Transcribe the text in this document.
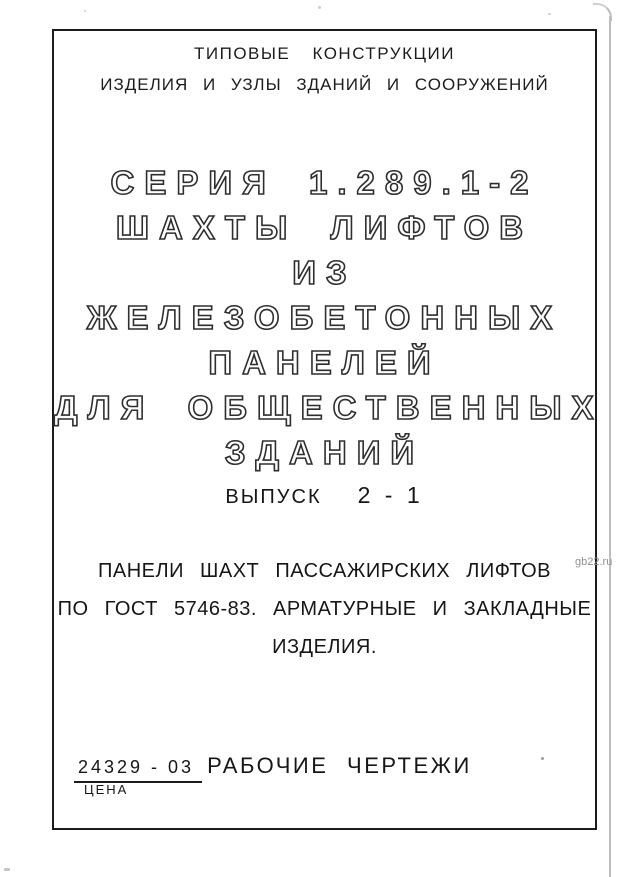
gb22.ru
ТИПОВЫЕ КОНСТРУКЦИИ
ИЗДЕЛИЯ И УЗЛЫ ЗДАНИЙ И СООРУЖЕНИЙ
СЕРИЯ 1.289.1-2
ШАХТЫ ЛИФТОВ
ИЗ
ЖЕЛЕЗОБЕТОННЫХ
ПАНЕЛЕЙ
ДЛЯ ОБЩЕСТВЕННЫХ
ЗДАНИЙ
ВЫПУСК 2 - 1
ПАНЕЛИ ШАХТ ПАССАЖИРСКИХ ЛИФТОВ
ПО ГОСТ 5746-83. АРМАТУРНЫЕ И ЗАКЛАДНЫЕ
ИЗДЕЛИЯ.
24329 - 03 РАБОЧИЕ ЧЕРТЕЖИ
ЦЕНА
